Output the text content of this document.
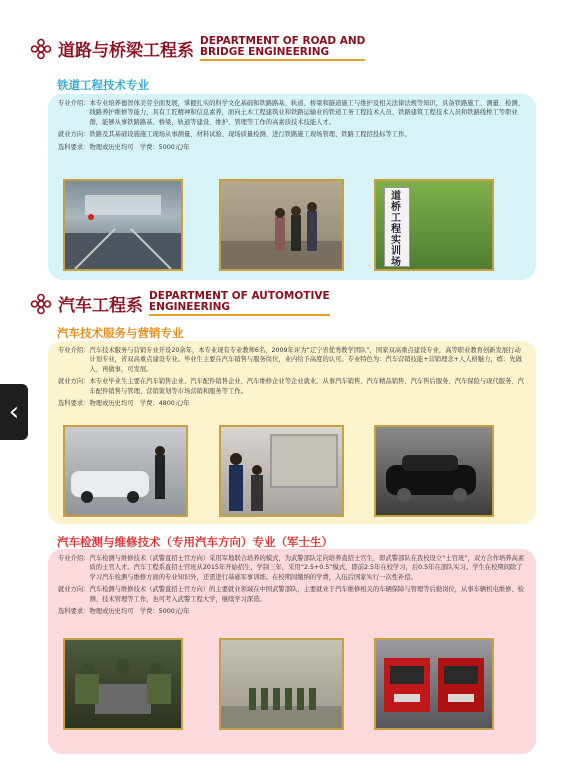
道路与桥梁工程系 DEPARTMENT OF ROAD AND
BRIDGE ENGINEERING
铁道工程技术专业
专业介绍： 本专业培养德智体美劳全面发展，掌握扎实的科学文化基础和铁路路基、轨道、桥梁和隧道施工与维护及相关法律法规等知识，具备铁路施工、测量、检测、线路养护维修等能力，具有工匠精神和信息素养，面向土木工程建筑业和铁路运输业的铁道工务工程技术人员、铁路建筑工程技术人员和铁路线桥工等职业群，能够从事铁路路基、桥梁、轨道等建设、维护、管理等工作的高素质技术技能人才。
就业方向： 铁路及其基础设施施工现场从事测量、材料试验、现场质量检测、进行铁路施工现场管理、铁路工程招投标等工作。
选科要求： 物理或历史均可　学费：5000元/年
道桥工程实训场
汽车工程系 DEPARTMENT OF AUTOMOTIVE
ENGINEERING
汽车技术服务与营销专业
专业介绍： 汽车技术服务与营销专业开设20余年，本专业现有专业教师6名，2009年评为“辽宁省优秀教学团队”，国家双高重点建设专业，高等职业教育创新发展行动计划专业，省双高重点建设专业。毕业生主要在汽车销售与服务岗位，业内给予高度的认可。专业特色为：汽车营销技能+营销理念+人人格魅力，练：先做人，再做事，可发展。
就业方向： 本专业毕业生主要在汽车销售企业、汽车配件销售企业、汽车维修企业等企业就业。从事汽车销售、汽车精品销售、汽车售后服务、汽车保险与现代服务、汽车配件销售与管理、营销策划等市场营销和服务等工作。
选科要求： 物理或历史均可　学费：4800元/年
汽车检测与维修技术（专用汽车方向）专业（军士生）
专业介绍： 汽车检测与维修技术（武警直招士官方向）采用军地联合培养的模式，为武警部队定向培养直招士官生，即武警部队在我校设立“士官班”，双方合作培养高素质的士官人才。汽车工程系直招士官班从2015年开始招生，学制三年，采用“2.5+0.5”模式，即前2.5年在校学习，后0.5年在部队实习。学生在校期间除了学习汽车检测与维修方面的专业知识外，还需进行基础军事训练。在校期间缴纳的学费，入伍后国家实行一次性补偿。
就业方向： 汽车检测与维修技术（武警直招士官方向）的主要就业领域在中国武警部队，主要就业于汽车维修相关的车辆保障与管理等后勤岗位，从事车辆机电维修、检测、技术管理等工作，也可考入武警工程大学，继续学习深造。
选科要求： 物理或历史均可　学费：5000元/年
‹
